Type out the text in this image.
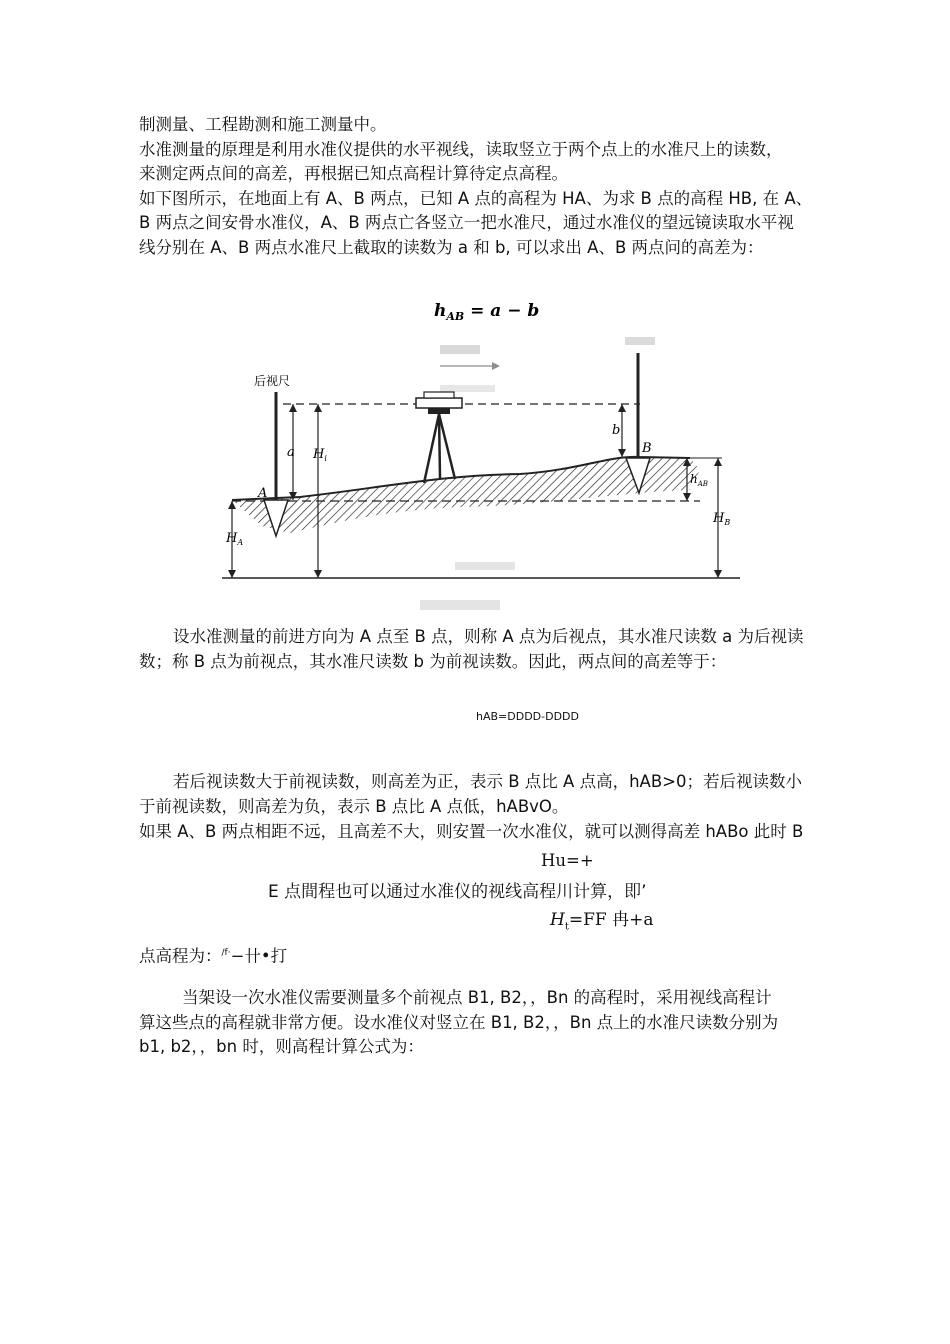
制测量、工程勘测和施工测量中。
水准测量的原理是利用水准仪提供的水平视线，读取竖立于两个点上的水准尺上的读数，
来测定两点间的高差，再根据已知点高程计算待定点高程。
如下图所示，在地面上有 A、B 两点，已知 A 点的高程为 HA、为求 B 点的高程 HB, 在 A、
B 两点之间安骨水准仪，A、B 两点亡各竖立一把水准尺，通过水准仪的望远镜读取水平视
线分别在 A、B 两点水准尺上截取的读数为 a 和 b, 可以求出 A、B 两点问的高差为：
$h_{AB} = a - b$
后视尺
A
B
a $H_i$
$H_A$
b
$h_{AB}$
$H_B$
设水准测量的前进方向为 A 点至 B 点，则称 A 点为后视点，其水准尺读数 a 为后视读
数；称 B 点为前视点，其水准尺读数 b 为前视读数。因此，两点间的高差等于：
hAB=DDDD-DDDD
若后视读数大于前视读数，则高差为正，表示 B 点比 A 点高，hAB>0；若后视读数小
于前视读数，则高差为负，表示 B 点比 A 点低，hABvO。
如果 A、B 两点相距不远，且高差不大，则安置一次水准仪，就可以测得高差 hABo 此时 B
Hu=+
E 点間程也可以通过水准仪的视线高程川计算，即’
$H_t=FF$ 冉+a
点高程为：$^{/f\cdot}$−卄•打
当架设一次水准仪需要测量多个前视点 B1, B2，，Bn 的高程时，采用视线高程计
算这些点的高程就非常方便。设水准仪对竖立在 B1, B2，，Bn 点上的水准尺读数分别为
b1, b2，，bn 时，则高程计算公式为：
